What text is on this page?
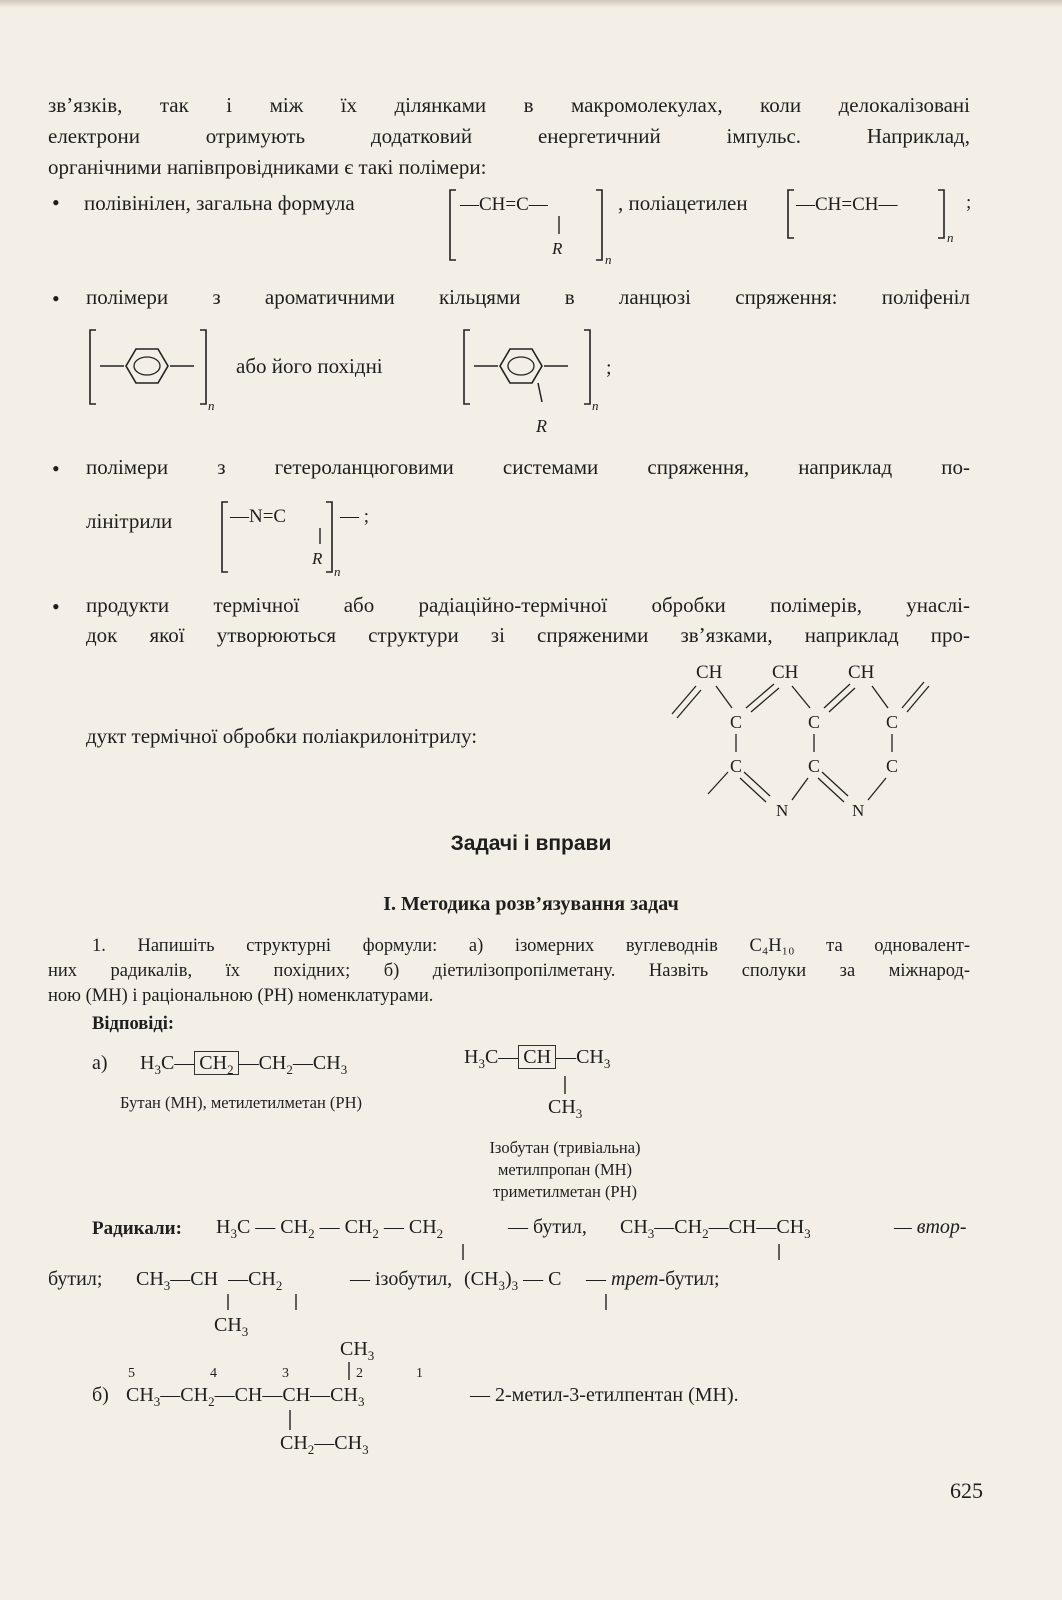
зв’язків, так і між їх ділянками в макромолекулах, коли делокалізовані
електрони отримують додатковий енергетичний імпульс. Наприклад,
органічними напівпровідниками є такі полімери:
• полівінілен, загальна формула	—CH=C—
R
n
, поліацетилен	—CH=CH—
n
;
• полімери з ароматичними кільцями в ланцюзі спряження: поліфеніл
n
або його похідні
R
n
;
• полімери з гетероланцюговими системами спряження, наприклад по-
лінітрили	—N=C
R
n
— ;
• продукти термічної або радіаційно-термічної обробки полімерів, унаслі-
док якої утворюються структури зі спряженими зв’язками, наприклад про-
дукт термічної обробки поліакрилонітрилу:
CH	CH	CH
C	C	C
C	C	C
N	N
Задачі і вправи
І. Методика розв’язування задач
1. Напишіть структурні формули: а) ізомерних вуглеводнів C₄H₁₀ та одновалент-
них радикалів, їх похідних; б) діетилізопропілметану. Назвіть сполуки за міжнарод-
ною (МН) і раціональною (РН) номенклатурами.
Відповіді:
а) $H_3C—$ $CH_2$ $—CH_2—CH_3$
Бутан (МН), метилетилметан (РН)
$H_3C—$ CH $—CH_3$
$CH_3$
Ізобутан (тривіальна)
метилпропан (МН)
триметилметан (РН)
Радикали: $H_3C$ — $CH_2$ — $CH_2$ — $CH_2$	— бутил, $CH_3—CH_2—CH—CH_3$	— втор-
бутил; $CH_3—CH$  $—CH_2$	— ізобутил, $(CH_3)_3$ — C — трет-бутил;
$CH_3$
$CH_3$
5	4	3	2	1
б) $CH_3—CH_2—CH—CH—CH_3$	— 2-метил-3-етилпентан (МН).
$CH_2—CH_3$
625
